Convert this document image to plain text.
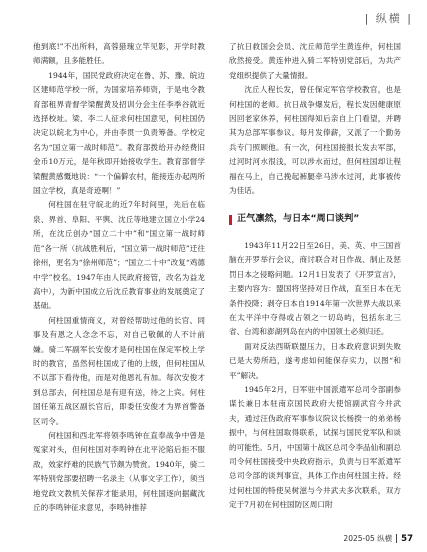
| 纵横 |

他到底!”不出所料，高蓉猎瑰立竿见影，开学时教师满额，且多能胜任。

1944年，国民党政府决定在鲁、苏、豫、皖边区建师范学校一所，为国家培养师资，于是电令教育部租界青督学梁醒黄及招训分会主任李季谷就近选择校址。梁、李二人征求何柱国意见，何柱国仍决定以皖北为中心，并由李贯一负责筹备。学校定名为“国立第一战时师范”。教育部拨给开办经费旧金币10万元，是年秋即开始接收学生。教育部督学梁醒黄感慨地说：“一个偏僻农村，能接连办起两所国立学校，真是奇迹啊！”

何柱国在驻守皖北的近7年时间里，先后在临泉、界首、阜阳、平舆、沈丘等地建立国立小学24所，在沈丘创办“国立二十中”和“国立第一战时师范”各一所（抗战胜利后，“国立第一战时师范”迁往徐州，更名为“徐州师范”；“国立二十中”改复“鸡德中学”校名。1947年由人民政府接管，改名为益龙高中），为新中国成立后沈丘教育事业的发展奠定了基础。

何柱国重情商义，对曾经帮助过他的长官、同事及有恩之人念念不忘，对自己敬佩的人不计前嫌。骑二军副军长安俊才是何柱国在保定军校上学时的教官，虽然何柱国成了他的上级，但何柱国从不以部下看待他，而是对他恩礼有加。每次安俊才到总部去，何柱国总是有迎有送，待之上宾。何柱国任第五战区副长官后，即委任安俊才为界首警备区司令。

何柱国和西北军将领李鸣钟在直奉战争中曾是冤家对头，但何柱国对李鸣钟在北平沦陷后拒不服敌，效家纾难的民族气节颇为赞赏。1940年，骑二军特别党部要招聘一名录主（从事文字工作），须当地党政文教机关保荐才能录用，何柱国逐向据藏沈丘的李鸣钟征求意见，李鸣钟推荐

了抗日救国会会员、沈丘师范学生黄连仲，何柱国欣然接受。黄连仲进入骑二军特别党部后，为共产党组织提供了大量情报。

沈丘人程长发，曾任保定军官学校教官，也是何柱国的老师。抗日战争爆发后，程长发因健康原因回老家休养，何柱国得知后亲自上门看望，并聘其为总部军事参议。每月发俸薪，又派了一个勤务兵专门照顾他。有一次，何柱国接报长发去军部，过河时河水很浅，可以涉水而过，但何柱国却让程福在马上，自己挽起裤腿牵马涉水过河，此事被传为佳话。

正气凛然，与日本“周口谈判”

1943年11月22日至26日，美、英、中三国首脑在开罗举行会议，商讨联合对日作战、制止及惩罚日本之侵略问题。12月1日发表了《开罗宣言》，主要内容为：盟国将坚持对日作战，直至日本在无条件投降；剥夺日本自1914年第一次世界大战以来在太平洋中夺得或占领之一切岛屿，包括东北三省、台湾和澎湖列岛在内的中国领土必须归还。

面对反法西斯联盟压力，日本政府意识到失败已是大势所趋，遂考虑如何能保存实力，以图“和平”解决。

1945年2月，日军驻中国派遣军总司令部副参谋长兼日本驻南京国民政府大使馆副武官今井武夫，通过汪伪政府军事参议院议长杨揆一的弟弟杨振中，与何柱国取得联系，试探与国民党军队和谈的可能性。5月，中国第十战区总司令李品仙和副总司令何柱国接受中央政府指示，负责与日军派遣军总司令部的谈判事宜，具体工作由何柱国主持。经过何柱国的特使吴树滋与今井武夫多次联系，双方定于7月初在何柱国防区周口附

2025-05 纵横 57
